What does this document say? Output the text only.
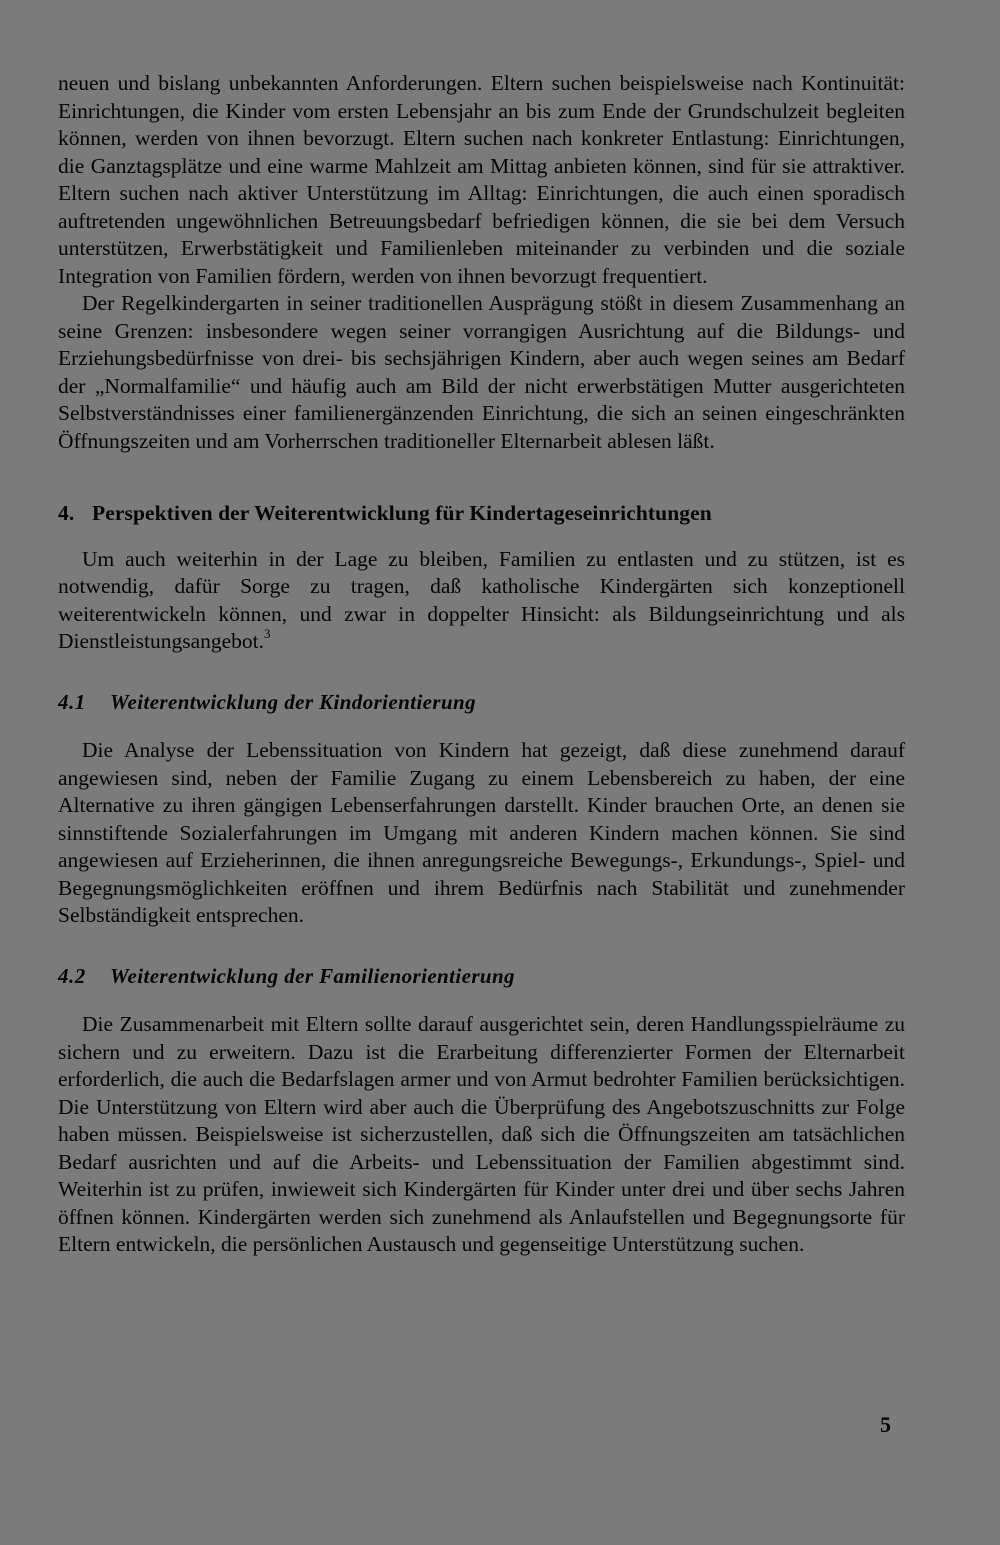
neuen und bislang unbekannten Anforderungen. Eltern suchen beispielsweise nach Kontinuität: Einrichtungen, die Kinder vom ersten Lebensjahr an bis zum Ende der Grundschulzeit begleiten können, werden von ihnen bevorzugt. Eltern suchen nach konkreter Entlastung: Einrichtungen, die Ganztagsplätze und eine warme Mahlzeit am Mittag anbieten können, sind für sie attraktiver. Eltern suchen nach aktiver Unterstützung im Alltag: Einrichtungen, die auch einen sporadisch auftretenden ungewöhnlichen Betreuungsbedarf befriedigen können, die sie bei dem Versuch unterstützen, Erwerbstätigkeit und Familienleben miteinander zu verbinden und die soziale Integration von Familien fördern, werden von ihnen bevorzugt frequentiert.

Der Regelkindergarten in seiner traditionellen Ausprägung stößt in diesem Zusammenhang an seine Grenzen: insbesondere wegen seiner vorrangigen Ausrichtung auf die Bildungs- und Erziehungsbedürfnisse von drei- bis sechsjährigen Kindern, aber auch wegen seines am Bedarf der „Normalfamilie“ und häufig auch am Bild der nicht erwerbstätigen Mutter ausgerichteten Selbstverständnisses einer familienergänzenden Einrichtung, die sich an seinen eingeschränkten Öffnungszeiten und am Vorherrschen traditioneller Elternarbeit ablesen läßt.

4. Perspektiven der Weiterentwicklung für Kindertageseinrichtungen

Um auch weiterhin in der Lage zu bleiben, Familien zu entlasten und zu stützen, ist es notwendig, dafür Sorge zu tragen, daß katholische Kindergärten sich konzeptionell weiterentwickeln können, und zwar in doppelter Hinsicht: als Bildungseinrichtung und als Dienstleistungsangebot.$^3$

4.1 Weiterentwicklung der Kindorientierung

Die Analyse der Lebenssituation von Kindern hat gezeigt, daß diese zunehmend darauf angewiesen sind, neben der Familie Zugang zu einem Lebensbereich zu haben, der eine Alternative zu ihren gängigen Lebenserfahrungen darstellt. Kinder brauchen Orte, an denen sie sinnstiftende Sozialerfahrungen im Umgang mit anderen Kindern machen können. Sie sind angewiesen auf Erzieherinnen, die ihnen anregungsreiche Bewegungs-, Erkundungs-, Spiel- und Begegnungsmöglichkeiten eröffnen und ihrem Bedürfnis nach Stabilität und zunehmender Selbständigkeit entsprechen.

4.2 Weiterentwicklung der Familienorientierung

Die Zusammenarbeit mit Eltern sollte darauf ausgerichtet sein, deren Handlungsspielräume zu sichern und zu erweitern. Dazu ist die Erarbeitung differenzierter Formen der Elternarbeit erforderlich, die auch die Bedarfslagen armer und von Armut bedrohter Familien berücksichtigen. Die Unterstützung von Eltern wird aber auch die Überprüfung des Angebotszuschnitts zur Folge haben müssen. Beispielsweise ist sicherzustellen, daß sich die Öffnungszeiten am tatsächlichen Bedarf ausrichten und auf die Arbeits- und Lebenssituation der Familien abgestimmt sind. Weiterhin ist zu prüfen, inwieweit sich Kindergärten für Kinder unter drei und über sechs Jahren öffnen können. Kindergärten werden sich zunehmend als Anlaufstellen und Begegnungsorte für Eltern entwickeln, die persönlichen Austausch und gegenseitige Unterstützung suchen.

5
